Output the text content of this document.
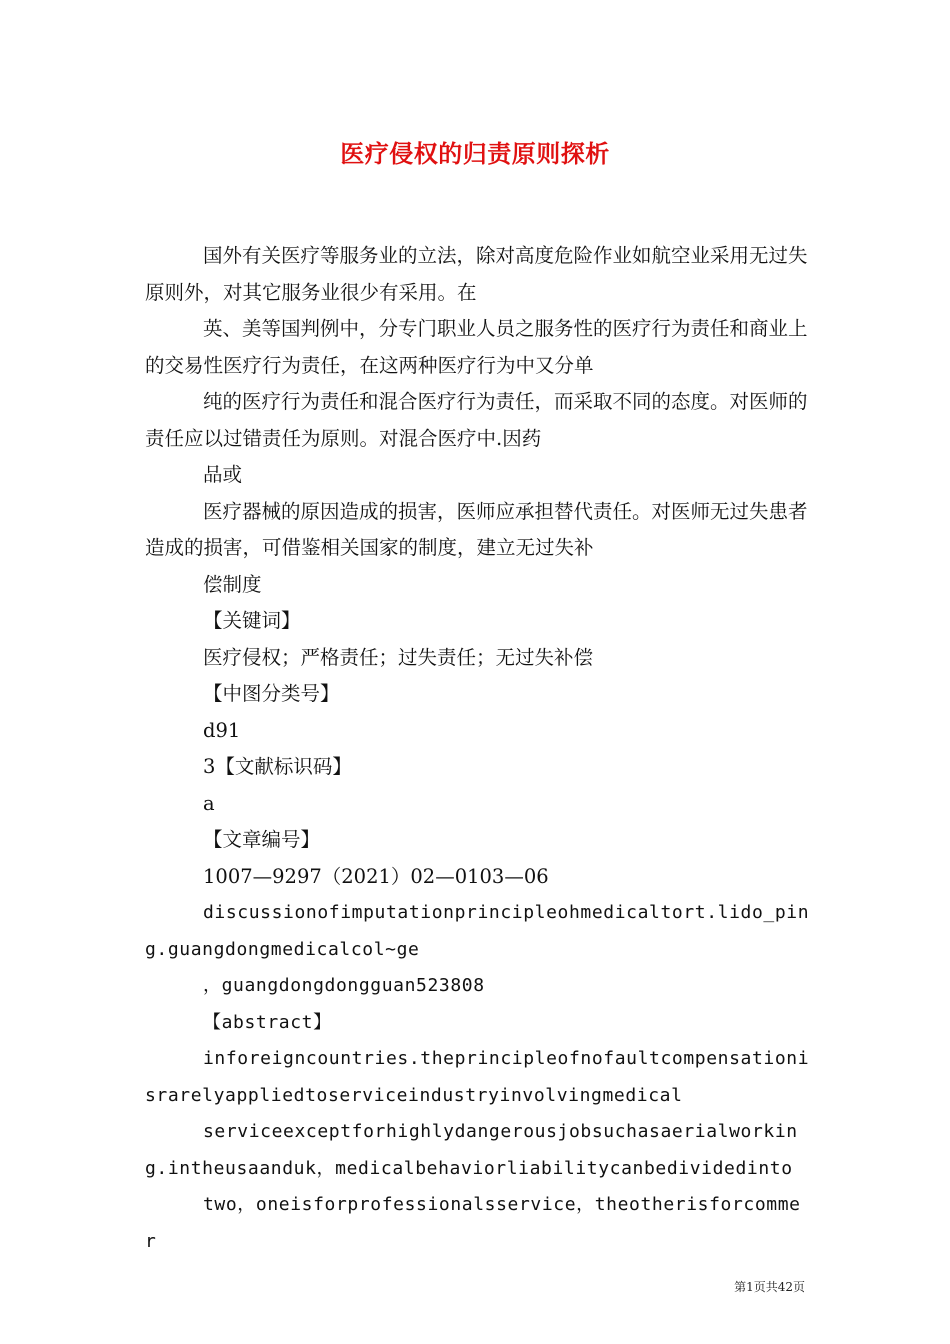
医疗侵权的归责原则探析

国外有关医疗等服务业的立法，除对高度危险作业如航空业采用无过失原则外，对其它服务业很少有采用。在

英、美等国判例中，分专门职业人员之服务性的医疗行为责任和商业上的交易性医疗行为责任，在这两种医疗行为中又分单

纯的医疗行为责任和混合医疗行为责任，而采取不同的态度。对医师的责任应以过错责任为原则。对混合医疗中.因药

品或

医疗器械的原因造成的损害，医师应承担替代责任。对医师无过失患者造成的损害，可借鉴相关国家的制度，建立无过失补

偿制度

【关键词】

医疗侵权；严格责任；过失责任；无过失补偿

【中图分类号】

d91

3【文献标识码】

a

【文章编号】

1007—9297（2021）02—0103—06

discussionofimputationprincipleohmedicaltort.lido_ping.guangdongmedicalcol~ge

，guangdongdongguan523808

【abstract】

inforeigncountries.theprincipleofnofaultcompensationisrarelyappliedtoserviceindustryinvolvingmedical

serviceexceptforhighlydangerousjobsuchasaerialworking.intheusaanduk，medicalbehaviorliabilitycanbedividedinto

two，oneisforprofessionalsservice，theotherisforcommer

第1页共42页
